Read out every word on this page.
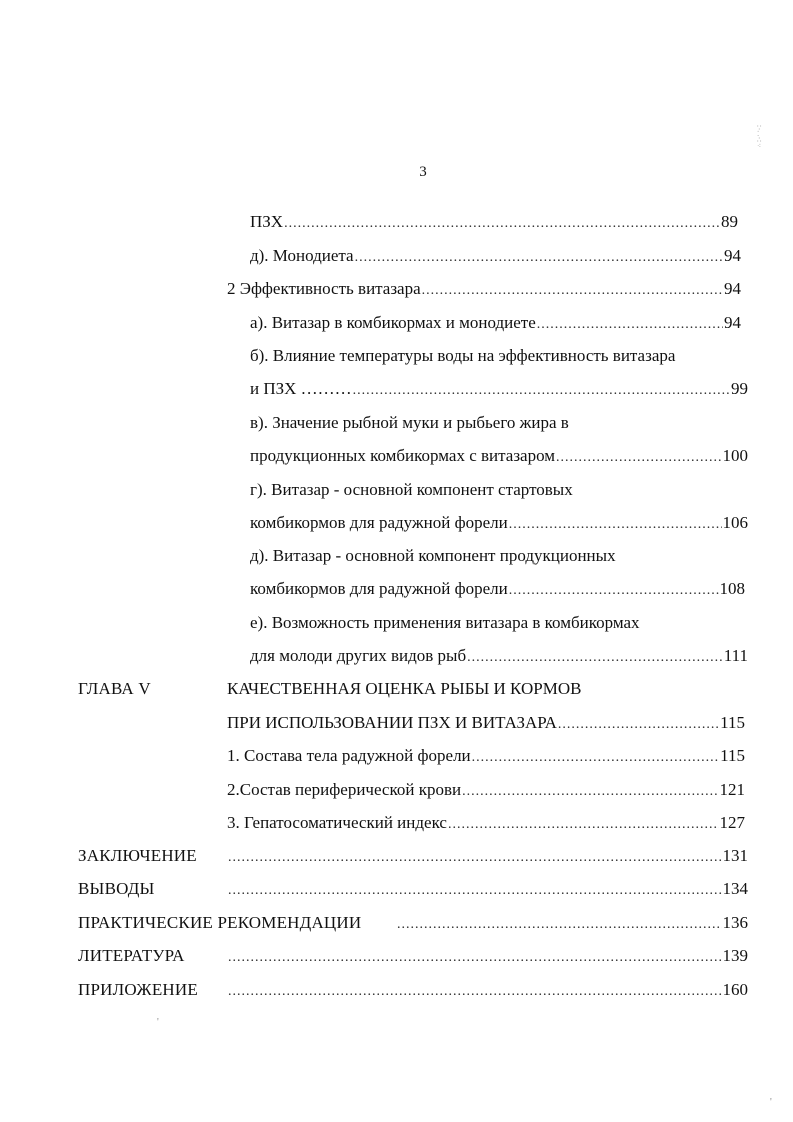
3
ПЗХ .....	89
д). Монодиета .....	94
2 Эффективность витазара .....	94
а). Витазар в комбикормах и монодиете .....	94
б). Влияние температуры воды на эффективность витазара
и ПЗХ ……… .....	99
в). Значение рыбной муки и рыбьего жира в
продукционных комбикормах с витазаром .....	100
г). Витазар - основной компонент стартовых
комбикормов для радужной форели .....	106
д). Витазар - основной компонент продукционных
комбикормов для радужной форели .....	108
е). Возможность применения витазара в комбикормах
для молоди других видов рыб .....	111
ГЛАВА V	КАЧЕСТВЕННАЯ ОЦЕНКА РЫБЫ И КОРМОВ
ПРИ ИСПОЛЬЗОВАНИИ ПЗХ И ВИТАЗАРА .....	115
1. Состава тела радужной форели .....	115
2.Состав периферической крови .....	121
3. Гепатосоматический индекс .....	127
ЗАКЛЮЧЕНИЕ .....	131
ВЫВОДЫ .....	134
ПРАКТИЧЕСКИЕ РЕКОМЕНДАЦИИ .....	136
ЛИТЕРАТУРА .....	139
ПРИЛОЖЕНИЕ .....	160
∵
⁚
∴
⁖
'
'
